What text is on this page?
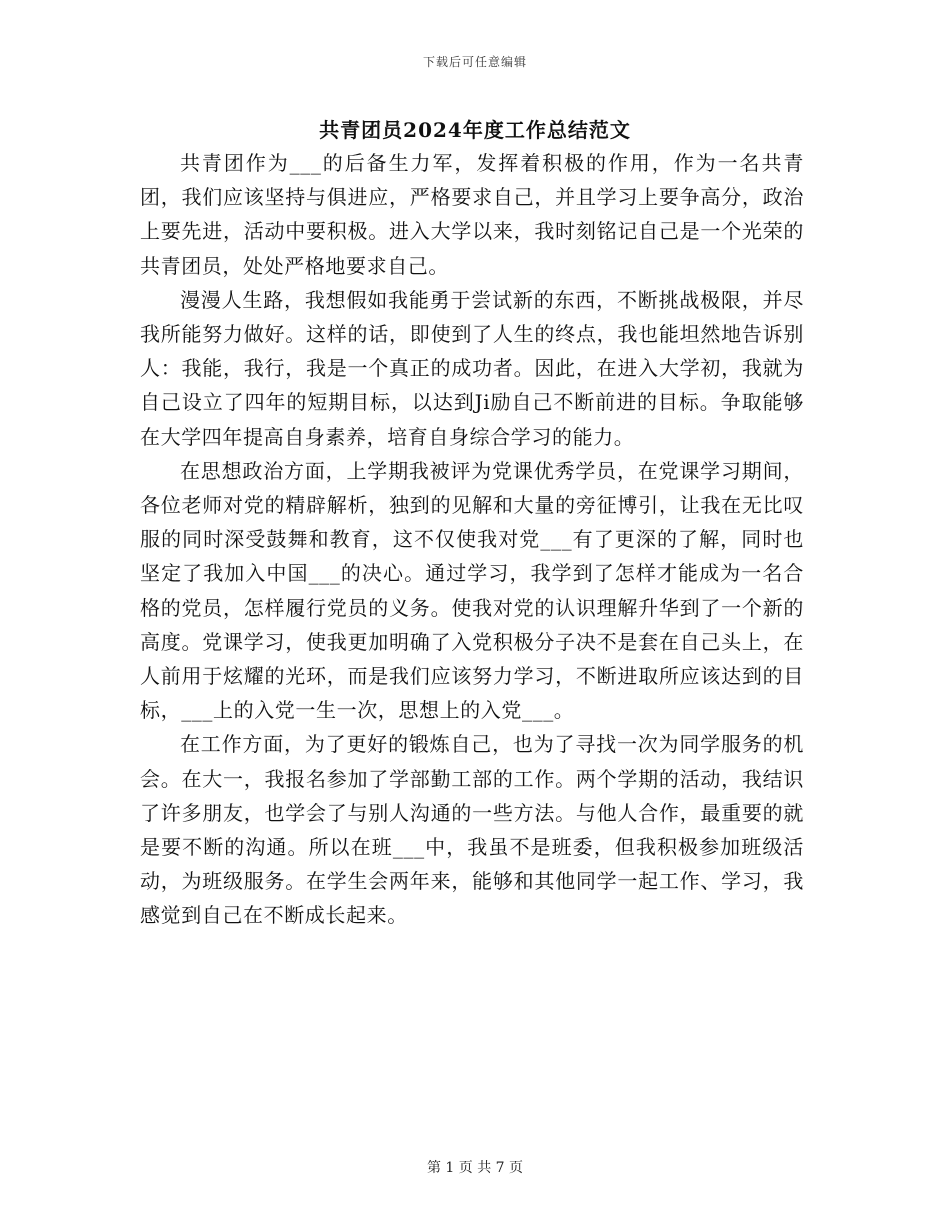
下载后可任意编辑
共青团员2024年度工作总结范文

共青团作为___的后备生力军，发挥着积极的作用，作为一名共青团，我们应该坚持与俱进应，严格要求自己，并且学习上要争高分，政治上要先进，活动中要积极。进入大学以来，我时刻铭记自己是一个光荣的共青团员，处处严格地要求自己。

漫漫人生路，我想假如我能勇于尝试新的东西，不断挑战极限，并尽我所能努力做好。这样的话，即使到了人生的终点，我也能坦然地告诉别人：我能，我行，我是一个真正的成功者。因此，在进入大学初，我就为自己设立了四年的短期目标，以达到Ji励自己不断前进的目标。争取能够在大学四年提高自身素养，培育自身综合学习的能力。

在思想政治方面，上学期我被评为党课优秀学员，在党课学习期间，各位老师对党的精辟解析，独到的见解和大量的旁征博引，让我在无比叹服的同时深受鼓舞和教育，这不仅使我对党___有了更深的了解，同时也坚定了我加入中国___的决心。通过学习，我学到了怎样才能成为一名合格的党员，怎样履行党员的义务。使我对党的认识理解升华到了一个新的高度。党课学习，使我更加明确了入党积极分子决不是套在自己头上，在人前用于炫耀的光环，而是我们应该努力学习，不断进取所应该达到的目标，___上的入党一生一次，思想上的入党___。

在工作方面，为了更好的锻炼自己，也为了寻找一次为同学服务的机会。在大一，我报名参加了学部勤工部的工作。两个学期的活动，我结识了许多朋友，也学会了与别人沟通的一些方法。与他人合作，最重要的就是要不断的沟通。所以在班___中，我虽不是班委，但我积极参加班级活动，为班级服务。在学生会两年来，能够和其他同学一起工作、学习，我感觉到自己在不断成长起来。

第 1 页 共 7 页
